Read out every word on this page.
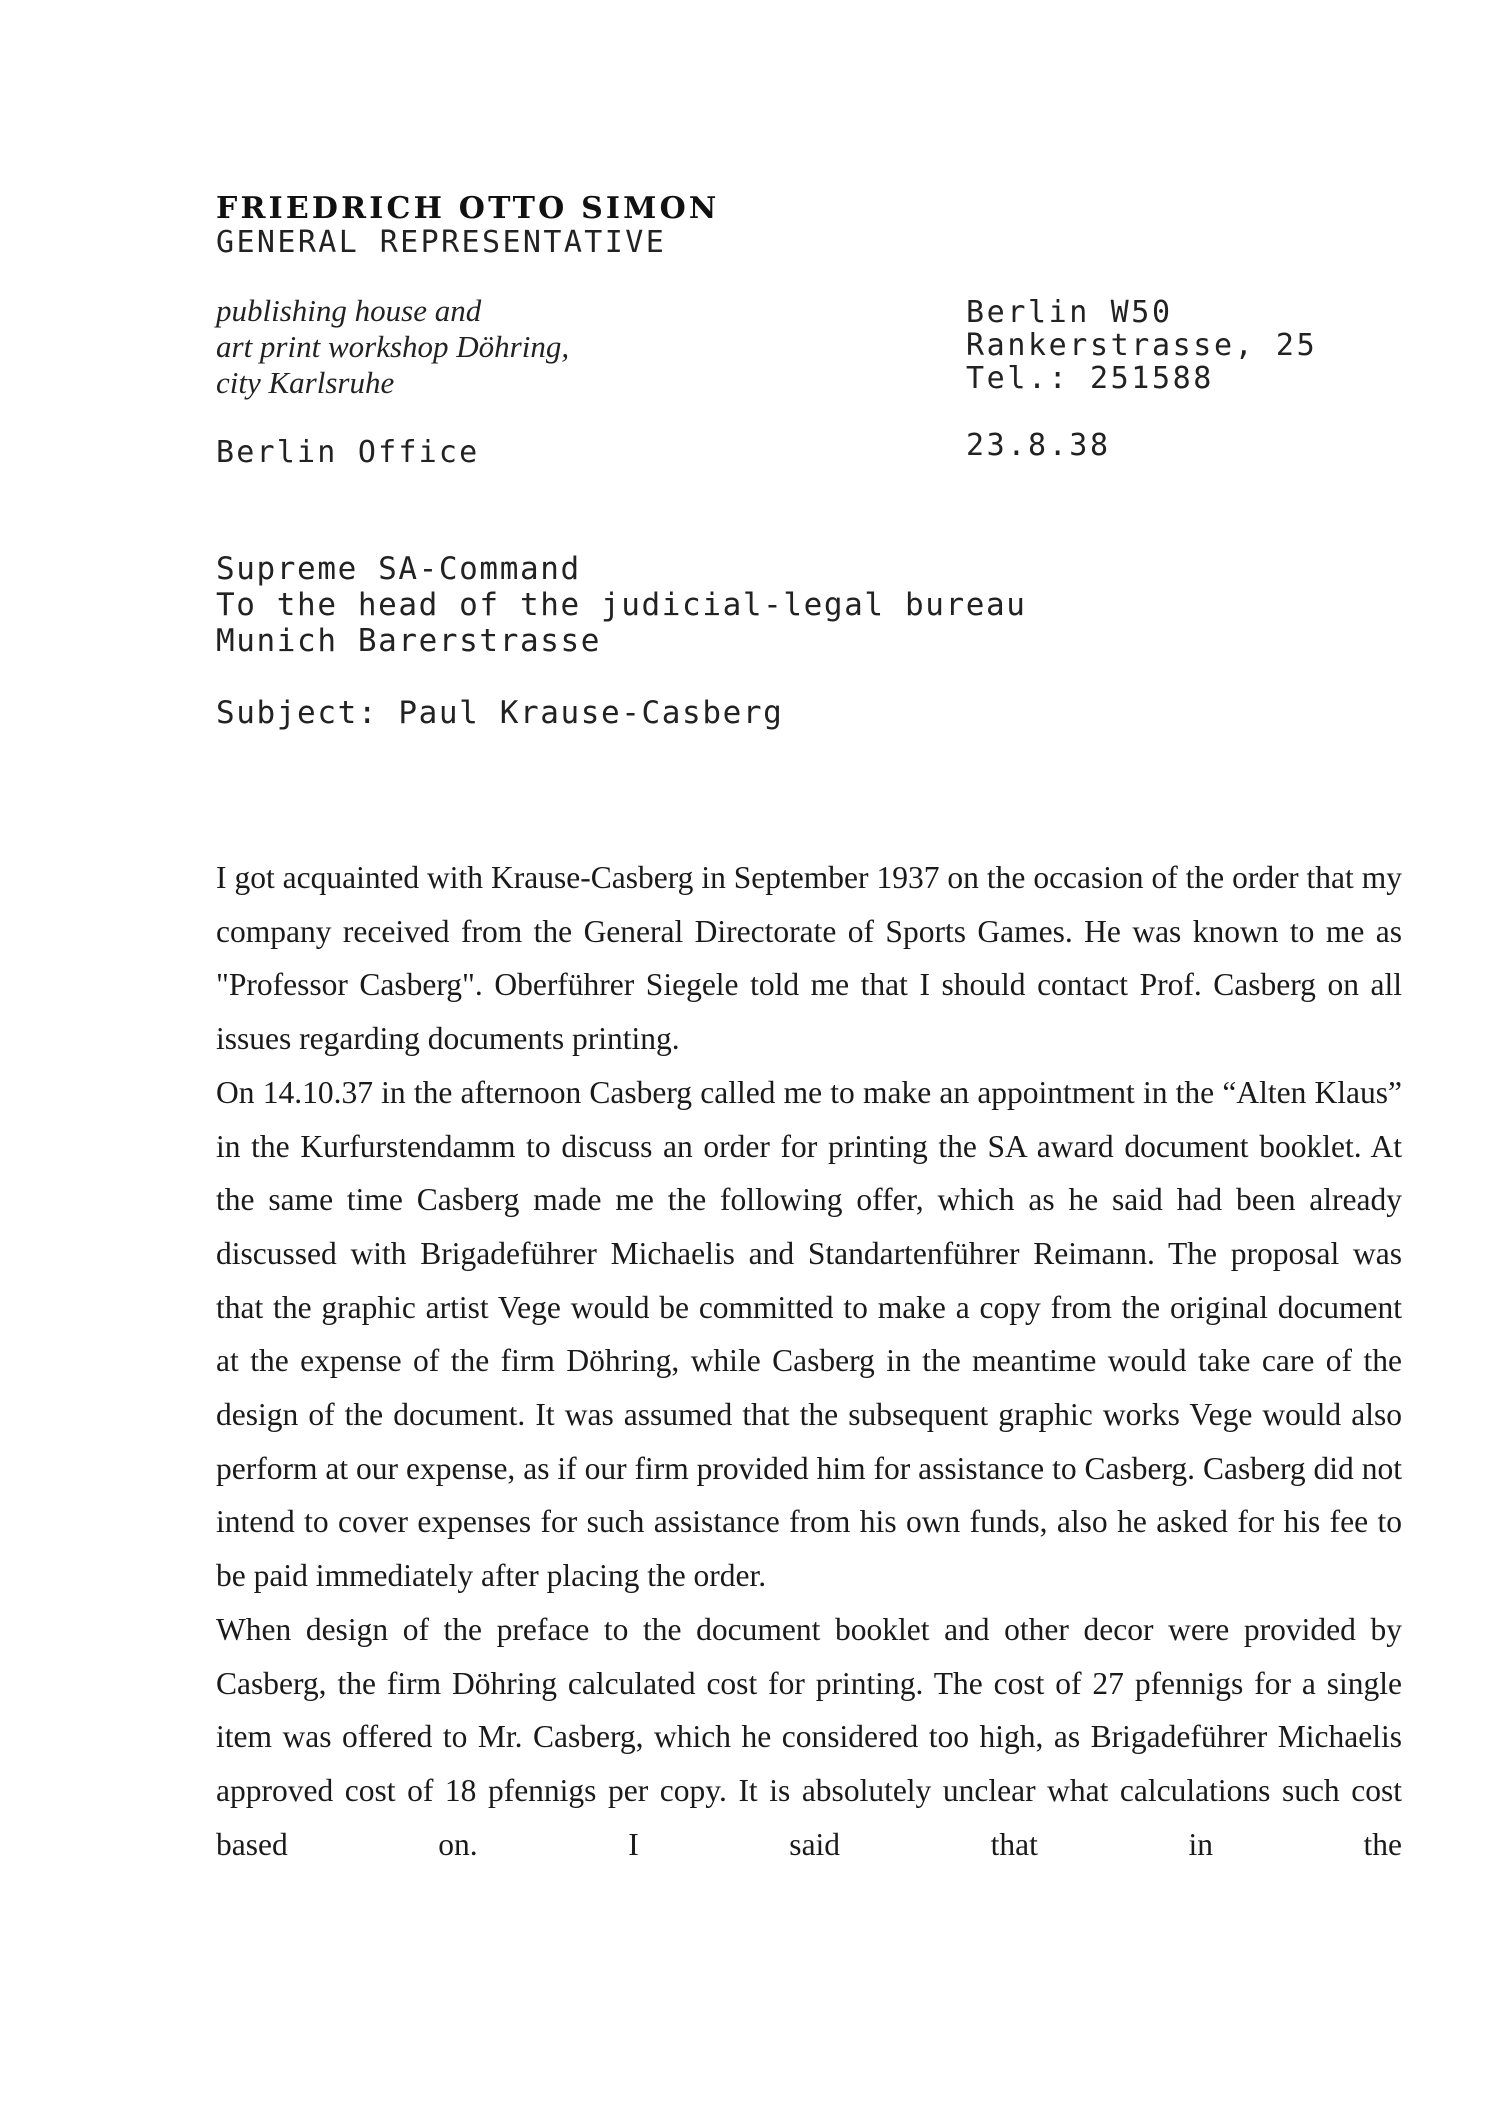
FRIEDRICH OTTO SIMON
GENERAL REPRESENTATIVE
publishing house and
art print workshop Döhring,
city Karlsruhe
Berlin Office
Berlin W50
Rankerstrasse, 25
Tel.: 251588
23.8.38
Supreme SA-Command
To the head of the judicial-legal bureau
Munich Barerstrasse
Subject: Paul Krause-Casberg

I got acquainted with Krause-Casberg in September 1937 on the occasion of the order that my company received from the General Directorate of Sports Games. He was known to me as "Professor Casberg". Oberführer Siegele told me that I should contact Prof. Casberg on all issues regarding documents printing.

On 14.10.37 in the afternoon Casberg called me to make an appointment in the “Alten Klaus” in the Kurfurstendamm to discuss an order for printing the SA award document booklet. At the same time Casberg made me the following offer, which as he said had been already discussed with Brigadeführer Michaelis and Standartenführer Reimann. The proposal was that the graphic artist Vege would be committed to make a copy from the original document at the expense of the firm Döhring, while Casberg in the meantime would take care of the design of the document. It was assumed that the subsequent graphic works Vege would also perform at our expense, as if our firm provided him for assistance to Casberg. Casberg did not intend to cover expenses for such assistance from his own funds, also he asked for his fee to be paid immediately after placing the order.

When design of the preface to the document booklet and other decor were provided by Casberg, the firm Döhring calculated cost for printing. The cost of 27 pfennigs for a single item was offered to Mr. Casberg, which he considered too high, as Brigadeführer Michaelis approved cost of 18 pfennigs per copy. It is absolutely unclear what calculations such cost based on. I said that in the
